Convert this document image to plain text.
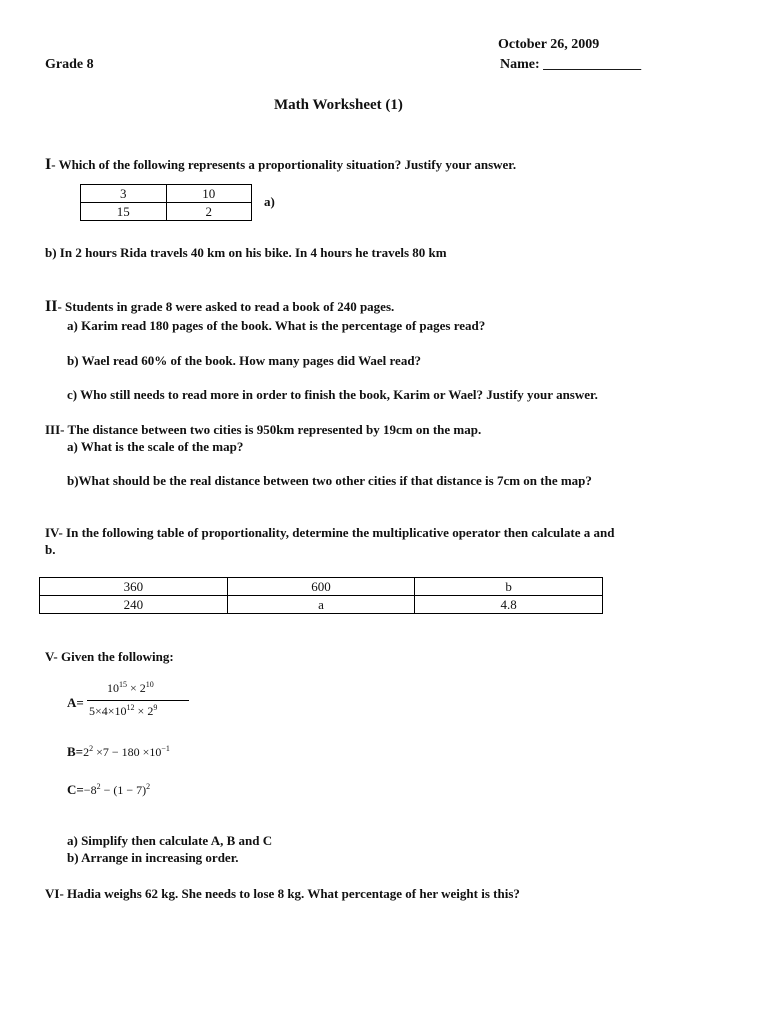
October 26, 2009
Grade 8	Name: ______________
Math Worksheet (1)
I- Which of the following represents a proportionality situation? Justify your answer.
3	10
15	2
a)
b) In 2 hours Rida travels 40 km on his bike. In 4 hours he travels 80 km
II- Students in grade 8 were asked to read a book of 240 pages.
a) Karim read 180 pages of the book. What is the percentage of pages read?
b) Wael read 60% of the book. How many pages did Wael read?
c) Who still needs to read more in order to finish the book, Karim or Wael? Justify your answer.
III- The distance between two cities is 950km represented by 19cm on the map.
a) What is the scale of the map?
b)What should be the real distance between two other cities if that distance is 7cm on the map?
IV- In the following table of proportionality, determine the multiplicative operator then calculate a and
b.
360	600	b
240	a	4.8
V- Given the following:
A=
$10^{15} \times 2^{10}$
$5\times 4\times 10^{12} \times 2^9$
$B=2^2 \times 7 - 180 \times 10^{-1}$
$C=-8^2 - (1 - 7)^2$
a) Simplify then calculate A, B and C
b) Arrange in increasing order.
VI- Hadia weighs 62 kg. She needs to lose 8 kg. What percentage of her weight is this?
